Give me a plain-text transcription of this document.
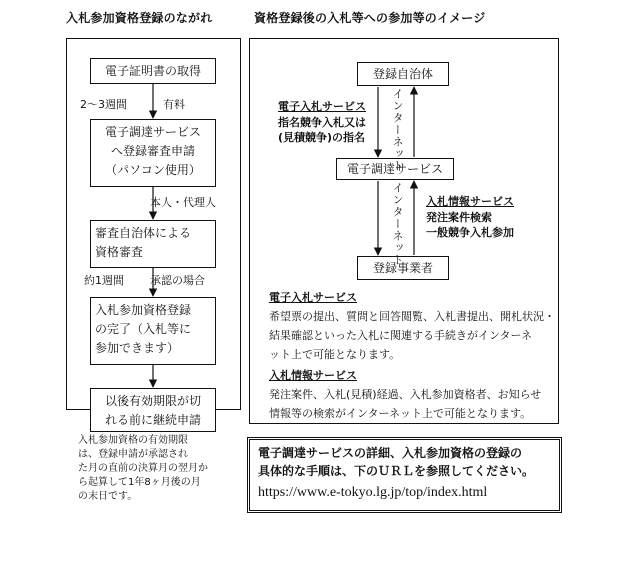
入札参加資格登録のながれ
電子証明書の取得
2～3週間	有料
電子調達サービス
へ登録審査申請
（パソコン使用）
本人・代理人
審査自治体による
資格審査
約1週間 承認の場合
入札参加資格登録
の完了（入札等に
参加できます）
以後有効期限が切
れる前に継続申請
入札参加資格の有効期限
は、登録申請が承認され
た月の直前の決算月の翌月か
ら起算して1年8ヶ月後の月
の末日です。
資格登録後の入札等への参加等のイメージ
登録自治体
電子調達サービス
登録事業者
インターネット
インターネット
電子入札サービス
指名競争入札又は
(見積競争)の指名
入札情報サービス
発注案件検索
一般競争入札参加
電子入札サービス
希望票の提出、質問と回答閲覧、入札書提出、開札状況・
結果確認といった入札に関連する手続きがインターネ
ット上で可能となります。
入札情報サービス
発注案件、入札(見積)経過、入札参加資格者、お知らせ
情報等の検索がインターネット上で可能となります。
電子調達サービスの詳細、入札参加資格の登録の
具体的な手順は、下のＵＲＬを参照してください。
https://www.e-tokyo.lg.jp/top/index.html
